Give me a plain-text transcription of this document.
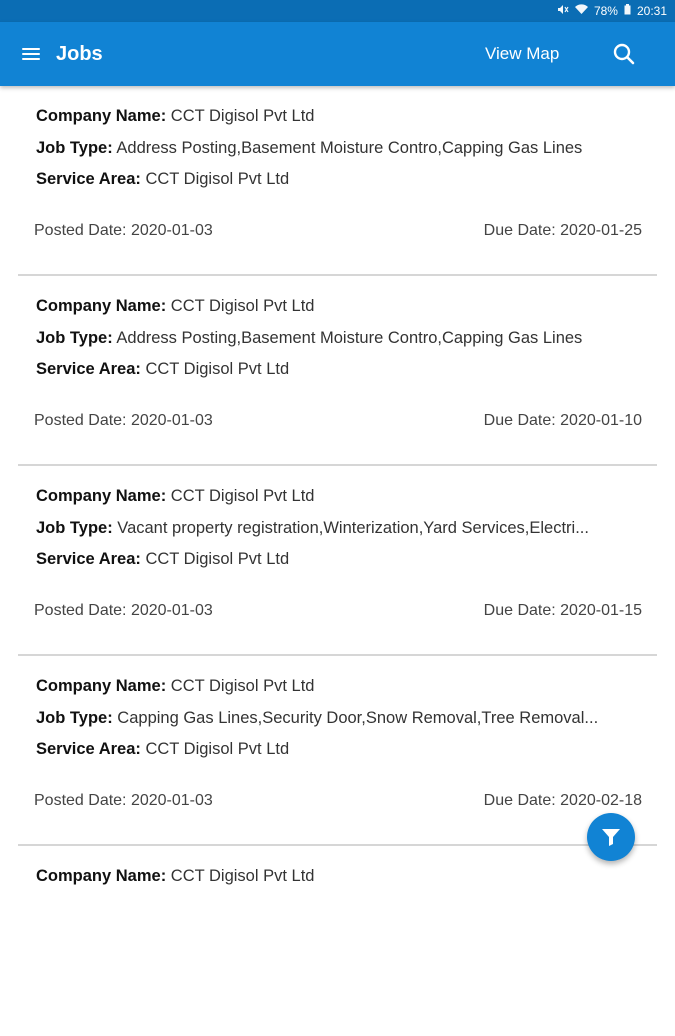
78% 20:31
Jobs	View Map
Company Name: CCT Digisol Pvt Ltd
Job Type: Address Posting,Basement Moisture Contro,Capping Gas Lines
Service Area: CCT Digisol Pvt Ltd
Posted Date: 2020-01-03	Due Date: 2020-01-25
Company Name: CCT Digisol Pvt Ltd
Job Type: Address Posting,Basement Moisture Contro,Capping Gas Lines
Service Area: CCT Digisol Pvt Ltd
Posted Date: 2020-01-03	Due Date: 2020-01-10
Company Name: CCT Digisol Pvt Ltd
Job Type: Vacant property registration,Winterization,Yard Services,Electri...
Service Area: CCT Digisol Pvt Ltd
Posted Date: 2020-01-03	Due Date: 2020-01-15
Company Name: CCT Digisol Pvt Ltd
Job Type: Capping Gas Lines,Security Door,Snow Removal,Tree Removal...
Service Area: CCT Digisol Pvt Ltd
Posted Date: 2020-01-03	Due Date: 2020-02-18
Company Name: CCT Digisol Pvt Ltd
